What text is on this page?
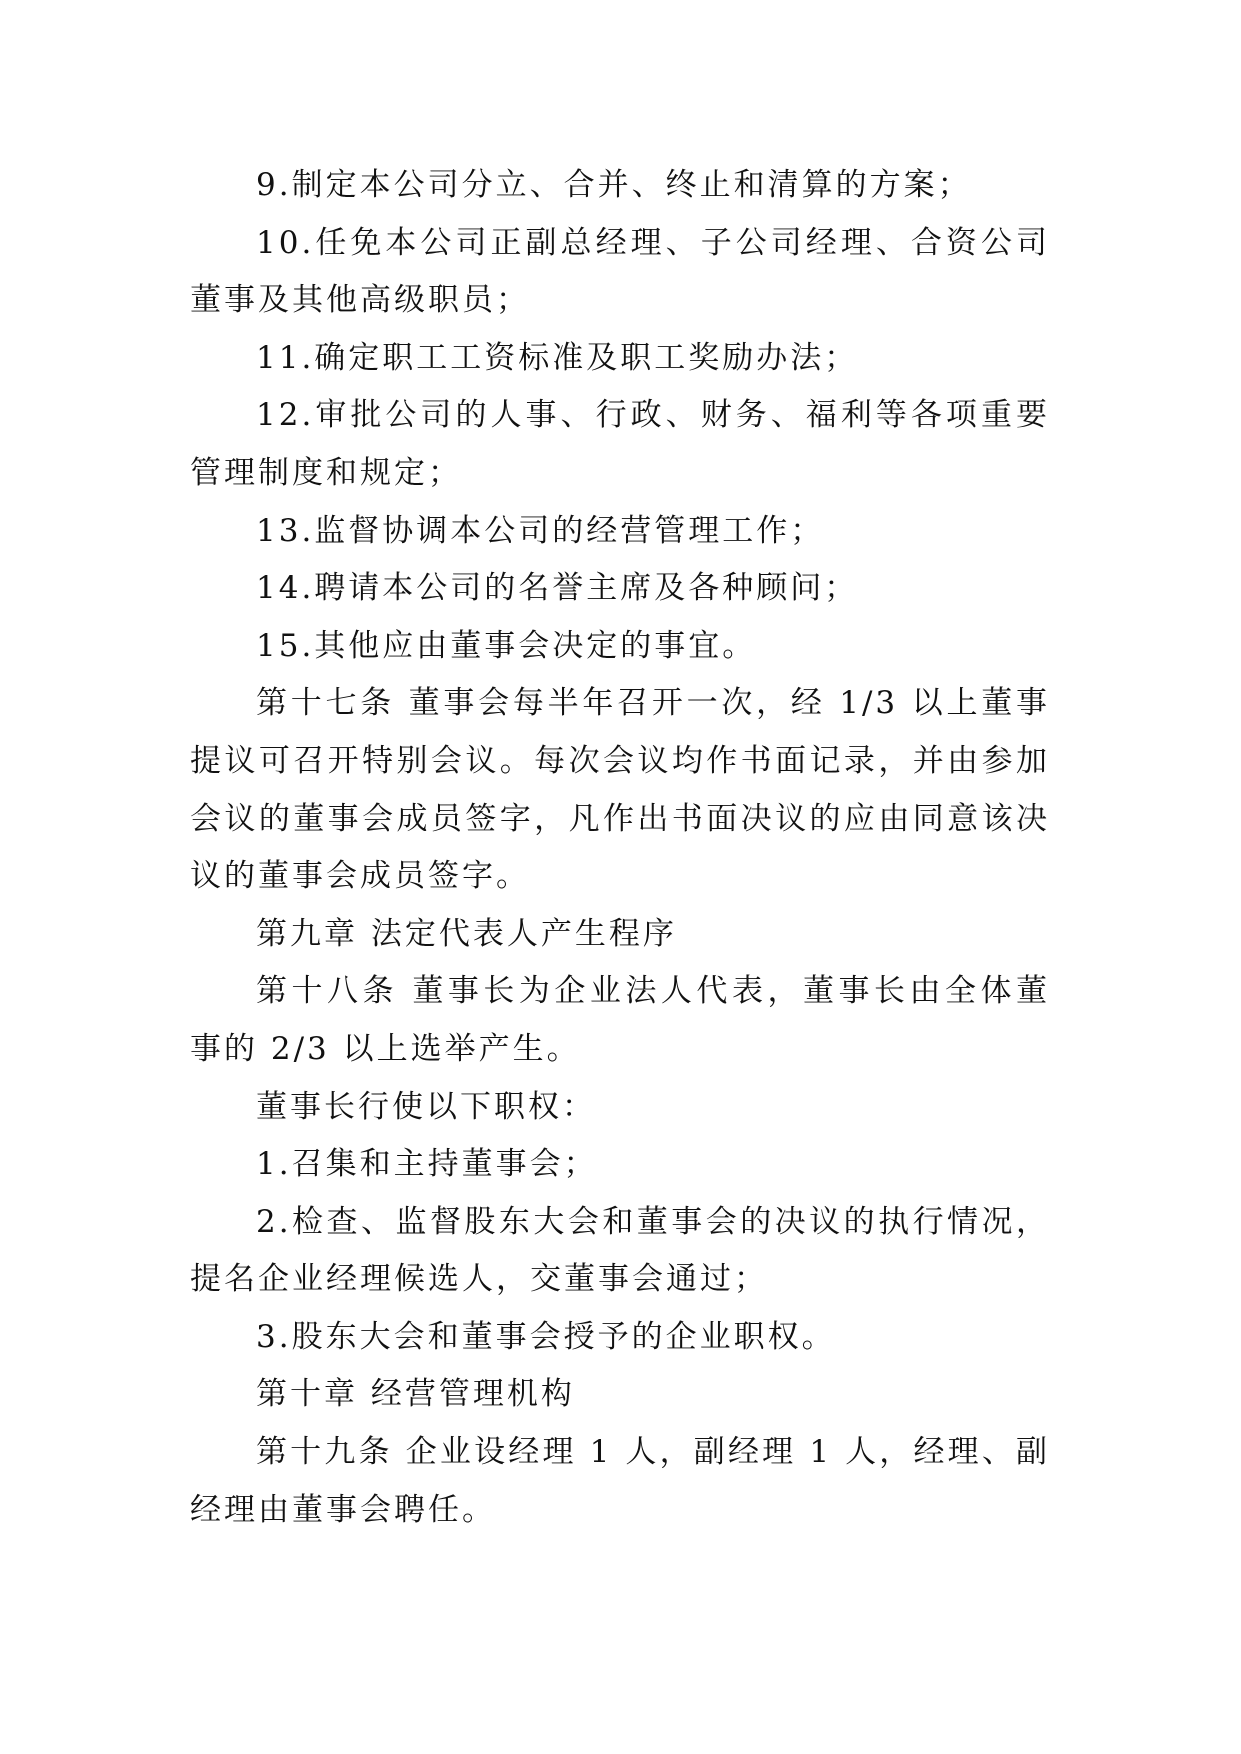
9.制定本公司分立、合并、终止和清算的方案；

10.任免本公司正副总经理、子公司经理、合资公司董事及其他高级职员；

11.确定职工工资标准及职工奖励办法；

12.审批公司的人事、行政、财务、福利等各项重要管理制度和规定；

13.监督协调本公司的经营管理工作；

14.聘请本公司的名誉主席及各种顾问；

15.其他应由董事会决定的事宜。

第十七条 董事会每半年召开一次，经 1/3 以上董事提议可召开特别会议。每次会议均作书面记录，并由参加会议的董事会成员签字，凡作出书面决议的应由同意该决议的董事会成员签字。

第九章 法定代表人产生程序

第十八条 董事长为企业法人代表，董事长由全体董事的 2/3 以上选举产生。

董事长行使以下职权：

1.召集和主持董事会；

2.检查、监督股东大会和董事会的决议的执行情况，提名企业经理候选人，交董事会通过；

3.股东大会和董事会授予的企业职权。

第十章 经营管理机构

第十九条 企业设经理 1 人，副经理 1 人，经理、副经理由董事会聘任。
